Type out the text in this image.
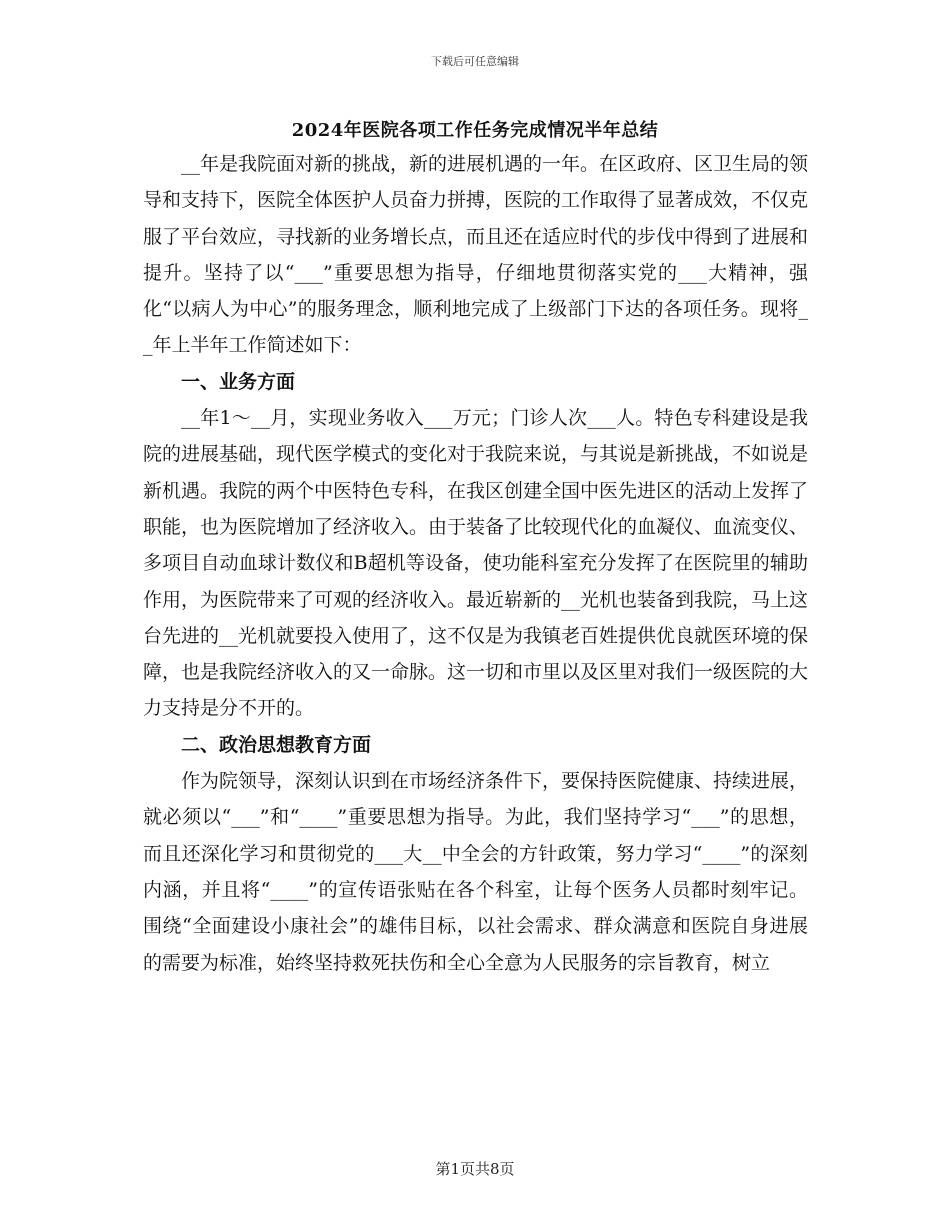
下载后可任意编辑
2024年医院各项工作任务完成情况半年总结

__年是我院面对新的挑战，新的进展机遇的一年。在区政府、区卫生局的领导和支持下，医院全体医护人员奋力拼搏，医院的工作取得了显著成效，不仅克服了平台效应，寻找新的业务增长点，而且还在适应时代的步伐中得到了进展和提升。坚持了以“___”重要思想为指导，仔细地贯彻落实党的___大精神，强化“以病人为中心”的服务理念，顺利地完成了上级部门下达的各项任务。现将__年上半年工作简述如下：

一、业务方面

__年1～__月，实现业务收入___万元；门诊人次___人。特色专科建设是我院的进展基础，现代医学模式的变化对于我院来说，与其说是新挑战，不如说是新机遇。我院的两个中医特色专科，在我区创建全国中医先进区的活动上发挥了职能，也为医院增加了经济收入。由于装备了比较现代化的血凝仪、血流变仪、多项目自动血球计数仪和B超机等设备，使功能科室充分发挥了在医院里的辅助作用，为医院带来了可观的经济收入。最近崭新的__光机也装备到我院，马上这台先进的__光机就要投入使用了，这不仅是为我镇老百姓提供优良就医环境的保障，也是我院经济收入的又一命脉。这一切和市里以及区里对我们一级医院的大力支持是分不开的。

二、政治思想教育方面

作为院领导，深刻认识到在市场经济条件下，要保持医院健康、持续进展，就必须以“___”和“____”重要思想为指导。为此，我们坚持学习“___”的思想，而且还深化学习和贯彻党的___大__中全会的方针政策，努力学习“____”的深刻内涵，并且将“____”的宣传语张贴在各个科室，让每个医务人员都时刻牢记。围绕“全面建设小康社会”的雄伟目标，以社会需求、群众满意和医院自身进展的需要为标准，始终坚持救死扶伤和全心全意为人民服务的宗旨教育，树立

第1页共8页
